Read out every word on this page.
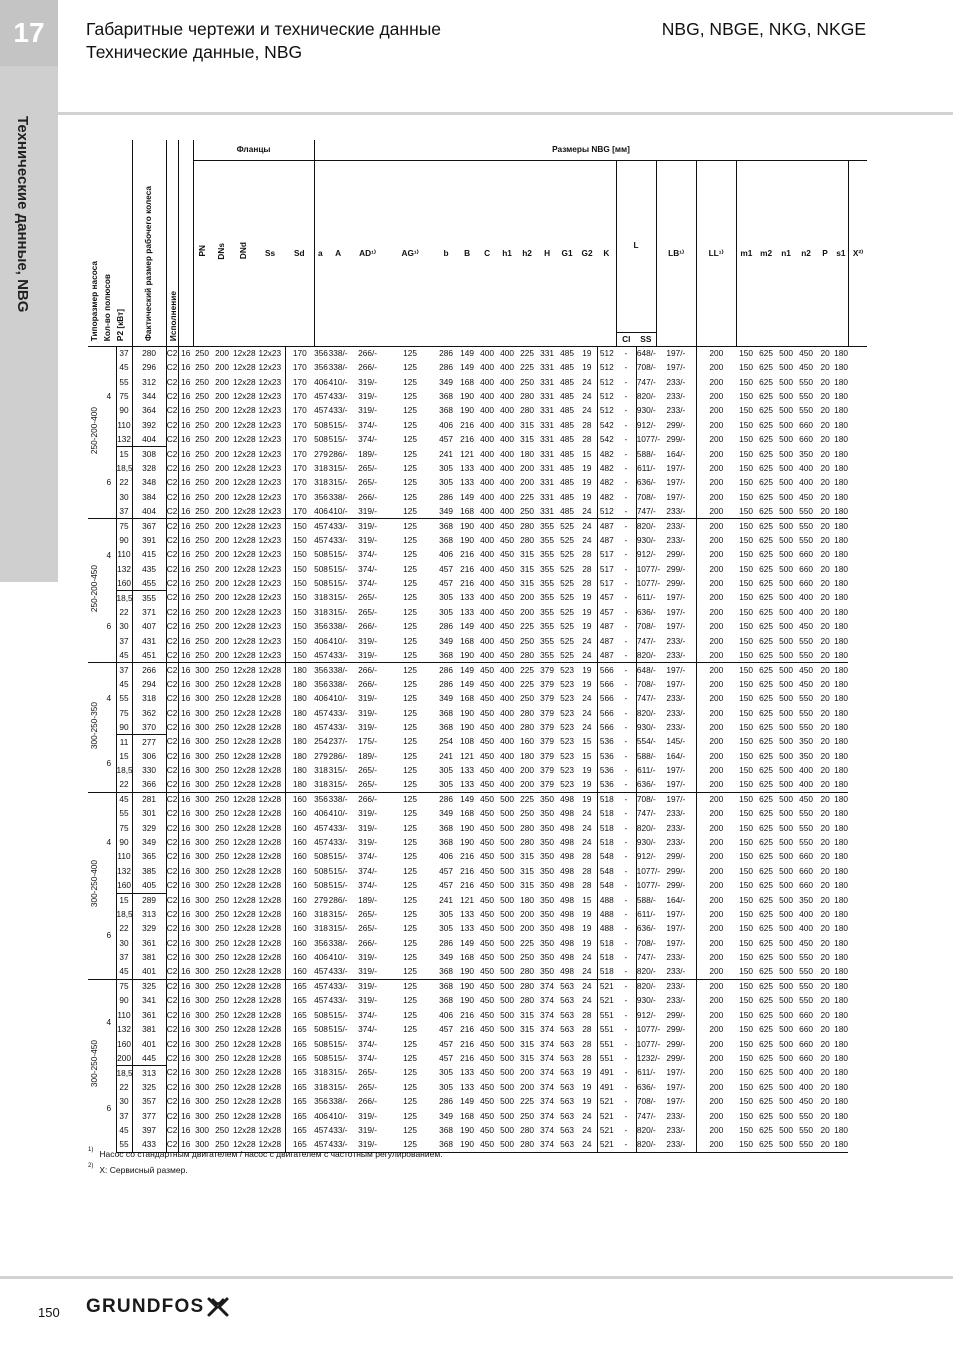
17
Технические данные, NBG
Габаритные чертежи и технические данные
Технические данные, NBG
NBG, NBGE, NKG, NKGE
Типоразмер насоса Кол-во полюсов P2 [кВт]			Фактический размер рабочего колеса	Исполнение		Фланцы					Размеры NBG [мм]																							
						PN	DNs	DNd	Ss	Sd	a	A	AD¹⁾	AG¹⁾	b	B	C	h1	h2	H	G1	G2	K	L		LB¹⁾	LL¹⁾	m1	m2	n1	n2	P	s1	X²⁾
																								Cl	SS									
250-200-400	4	37	280	C2	16	250	200	12x28	12x23	170	356	338/-	266/-	125	286	149	400	400	225	331	485	19	512	-	648/-	197/-	200	150	625	500	450	20	180	
		45	296	C2	16	250	200	12x28	12x23	170	356	338/-	266/-	125	286	149	400	400	225	331	485	19	512	-	708/-	197/-	200	150	625	500	450	20	180	
		55	312	C2	16	250	200	12x28	12x23	170	406	410/-	319/-	125	349	168	400	400	250	331	485	24	512	-	747/-	233/-	200	150	625	500	550	20	180	
		75	344	C2	16	250	200	12x28	12x23	170	457	433/-	319/-	125	368	190	400	400	280	331	485	24	512	-	820/-	233/-	200	150	625	500	550	20	180	
		90	364	C2	16	250	200	12x28	12x23	170	457	433/-	319/-	125	368	190	400	400	280	331	485	24	512	-	930/-	233/-	200	150	625	500	550	20	180	
		110	392	C2	16	250	200	12x28	12x23	170	508	515/-	374/-	125	406	216	400	400	315	331	485	28	542	-	912/-	299/-	200	150	625	500	660	20	180	
		132	404	C2	16	250	200	12x28	12x23	170	508	515/-	374/-	125	457	216	400	400	315	331	485	28	542	-	1077/-	299/-	200	150	625	500	660	20	180	
	6	15	308	C2	16	250	200	12x28	12x23	170	279	286/-	189/-	125	241	121	400	400	180	331	485	15	482	-	588/-	164/-	200	150	625	500	350	20	180	
		18,5	328	C2	16	250	200	12x28	12x23	170	318	315/-	265/-	125	305	133	400	400	200	331	485	19	482	-	611/-	197/-	200	150	625	500	400	20	180	
		22	348	C2	16	250	200	12x28	12x23	170	318	315/-	265/-	125	305	133	400	400	200	331	485	19	482	-	636/-	197/-	200	150	625	500	400	20	180	
		30	384	C2	16	250	200	12x28	12x23	170	356	338/-	266/-	125	286	149	400	400	225	331	485	19	482	-	708/-	197/-	200	150	625	500	450	20	180	
		37	404	C2	16	250	200	12x28	12x23	170	406	410/-	319/-	125	349	168	400	400	250	331	485	24	512	-	747/-	233/-	200	150	625	500	550	20	180	
250-200-450	4	75	367	C2	16	250	200	12x28	12x23	150	457	433/-	319/-	125	368	190	400	450	280	355	525	24	487	-	820/-	233/-	200	150	625	500	550	20	180	
		90	391	C2	16	250	200	12x28	12x23	150	457	433/-	319/-	125	368	190	400	450	280	355	525	24	487	-	930/-	233/-	200	150	625	500	550	20	180	
		110	415	C2	16	250	200	12x28	12x23	150	508	515/-	374/-	125	406	216	400	450	315	355	525	28	517	-	912/-	299/-	200	150	625	500	660	20	180	
		132	435	C2	16	250	200	12x28	12x23	150	508	515/-	374/-	125	457	216	400	450	315	355	525	28	517	-	1077/-	299/-	200	150	625	500	660	20	180	
		160	455	C2	16	250	200	12x28	12x23	150	508	515/-	374/-	125	457	216	400	450	315	355	525	28	517	-	1077/-	299/-	200	150	625	500	660	20	180	
	6	18,5	355	C2	16	250	200	12x28	12x23	150	318	315/-	265/-	125	305	133	400	450	200	355	525	19	457	-	611/-	197/-	200	150	625	500	400	20	180	
		22	371	C2	16	250	200	12x28	12x23	150	318	315/-	265/-	125	305	133	400	450	200	355	525	19	457	-	636/-	197/-	200	150	625	500	400	20	180	
		30	407	C2	16	250	200	12x28	12x23	150	356	338/-	266/-	125	286	149	400	450	225	355	525	19	487	-	708/-	197/-	200	150	625	500	450	20	180	
		37	431	C2	16	250	200	12x28	12x23	150	406	410/-	319/-	125	349	168	400	450	250	355	525	24	487	-	747/-	233/-	200	150	625	500	550	20	180	
		45	451	C2	16	250	200	12x28	12x23	150	457	433/-	319/-	125	368	190	400	450	280	355	525	24	487	-	820/-	233/-	200	150	625	500	550	20	180	
300-250-350	4	37	266	C2	16	300	250	12x28	12x28	180	356	338/-	266/-	125	286	149	450	400	225	379	523	19	566	-	648/-	197/-	200	150	625	500	450	20	180	
		45	294	C2	16	300	250	12x28	12x28	180	356	338/-	266/-	125	286	149	450	400	225	379	523	19	566	-	708/-	197/-	200	150	625	500	450	20	180	
		55	318	C2	16	300	250	12x28	12x28	180	406	410/-	319/-	125	349	168	450	400	250	379	523	24	566	-	747/-	233/-	200	150	625	500	550	20	180	
		75	362	C2	16	300	250	12x28	12x28	180	457	433/-	319/-	125	368	190	450	400	280	379	523	24	566	-	820/-	233/-	200	150	625	500	550	20	180	
		90	370	C2	16	300	250	12x28	12x28	180	457	433/-	319/-	125	368	190	450	400	280	379	523	24	566	-	930/-	233/-	200	150	625	500	550	20	180	
	6	11	277	C2	16	300	250	12x28	12x28	180	254	237/-	175/-	125	254	108	450	400	160	379	523	15	536	-	554/-	145/-	200	150	625	500	350	20	180	
		15	306	C2	16	300	250	12x28	12x28	180	279	286/-	189/-	125	241	121	450	400	180	379	523	15	536	-	588/-	164/-	200	150	625	500	350	20	180	
		18,5	330	C2	16	300	250	12x28	12x28	180	318	315/-	265/-	125	305	133	450	400	200	379	523	19	536	-	611/-	197/-	200	150	625	500	400	20	180	
		22	366	C2	16	300	250	12x28	12x28	180	318	315/-	265/-	125	305	133	450	400	200	379	523	19	536	-	636/-	197/-	200	150	625	500	400	20	180	
300-250-400	4	45	281	C2	16	300	250	12x28	12x28	160	356	338/-	266/-	125	286	149	450	500	225	350	498	19	518	-	708/-	197/-	200	150	625	500	450	20	180	
		55	301	C2	16	300	250	12x28	12x28	160	406	410/-	319/-	125	349	168	450	500	250	350	498	24	518	-	747/-	233/-	200	150	625	500	550	20	180	
		75	329	C2	16	300	250	12x28	12x28	160	457	433/-	319/-	125	368	190	450	500	280	350	498	24	518	-	820/-	233/-	200	150	625	500	550	20	180	
		90	349	C2	16	300	250	12x28	12x28	160	457	433/-	319/-	125	368	190	450	500	280	350	498	24	518	-	930/-	233/-	200	150	625	500	550	20	180	
		110	365	C2	16	300	250	12x28	12x28	160	508	515/-	374/-	125	406	216	450	500	315	350	498	28	548	-	912/-	299/-	200	150	625	500	660	20	180	
		132	385	C2	16	300	250	12x28	12x28	160	508	515/-	374/-	125	457	216	450	500	315	350	498	28	548	-	1077/-	299/-	200	150	625	500	660	20	180	
		160	405	C2	16	300	250	12x28	12x28	160	508	515/-	374/-	125	457	216	450	500	315	350	498	28	548	-	1077/-	299/-	200	150	625	500	660	20	180	
	6	15	289	C2	16	300	250	12x28	12x28	160	279	286/-	189/-	125	241	121	450	500	180	350	498	15	488	-	588/-	164/-	200	150	625	500	350	20	180	
		18,5	313	C2	16	300	250	12x28	12x28	160	318	315/-	265/-	125	305	133	450	500	200	350	498	19	488	-	611/-	197/-	200	150	625	500	400	20	180	
		22	329	C2	16	300	250	12x28	12x28	160	318	315/-	265/-	125	305	133	450	500	200	350	498	19	488	-	636/-	197/-	200	150	625	500	400	20	180	
		30	361	C2	16	300	250	12x28	12x28	160	356	338/-	266/-	125	286	149	450	500	225	350	498	19	518	-	708/-	197/-	200	150	625	500	450	20	180	
		37	381	C2	16	300	250	12x28	12x28	160	406	410/-	319/-	125	349	168	450	500	250	350	498	24	518	-	747/-	233/-	200	150	625	500	550	20	180	
		45	401	C2	16	300	250	12x28	12x28	160	457	433/-	319/-	125	368	190	450	500	280	350	498	24	518	-	820/-	233/-	200	150	625	500	550	20	180	
300-250-450	4	75	325	C2	16	300	250	12x28	12x28	165	457	433/-	319/-	125	368	190	450	500	280	374	563	24	521	-	820/-	233/-	200	150	625	500	550	20	180	
		90	341	C2	16	300	250	12x28	12x28	165	457	433/-	319/-	125	368	190	450	500	280	374	563	24	521	-	930/-	233/-	200	150	625	500	550	20	180	
		110	361	C2	16	300	250	12x28	12x28	165	508	515/-	374/-	125	406	216	450	500	315	374	563	28	551	-	912/-	299/-	200	150	625	500	660	20	180	
		132	381	C2	16	300	250	12x28	12x28	165	508	515/-	374/-	125	457	216	450	500	315	374	563	28	551	-	1077/-	299/-	200	150	625	500	660	20	180	
		160	401	C2	16	300	250	12x28	12x28	165	508	515/-	374/-	125	457	216	450	500	315	374	563	28	551	-	1077/-	299/-	200	150	625	500	660	20	180	
		200	445	C2	16	300	250	12x28	12x28	165	508	515/-	374/-	125	457	216	450	500	315	374	563	28	551	-	1232/-	299/-	200	150	625	500	660	20	180	
	6	18,5	313	C2	16	300	250	12x28	12x28	165	318	315/-	265/-	125	305	133	450	500	200	374	563	19	491	-	611/-	197/-	200	150	625	500	400	20	180	
		22	325	C2	16	300	250	12x28	12x28	165	318	315/-	265/-	125	305	133	450	500	200	374	563	19	491	-	636/-	197/-	200	150	625	500	400	20	180	
		30	357	C2	16	300	250	12x28	12x28	165	356	338/-	266/-	125	286	149	450	500	225	374	563	19	521	-	708/-	197/-	200	150	625	500	450	20	180	
		37	377	C2	16	300	250	12x28	12x28	165	406	410/-	319/-	125	349	168	450	500	250	374	563	24	521	-	747/-	233/-	200	150	625	500	550	20	180	
		45	397	C2	16	300	250	12x28	12x28	165	457	433/-	319/-	125	368	190	450	500	280	374	563	24	521	-	820/-	233/-	200	150	625	500	550	20	180	
		55	433	C2	16	300	250	12x28	12x28	165	457	433/-	319/-	125	368	190	450	500	280	374	563	24	521	-	820/-	233/-	200	150	625	500	550	20	180	
$^{1)}$ Насос со стандартным двигателем / насос с двигателем с частотным регулированием.
$^{2)}$ X: Сервисный размер.
150 GRUNDFOS
